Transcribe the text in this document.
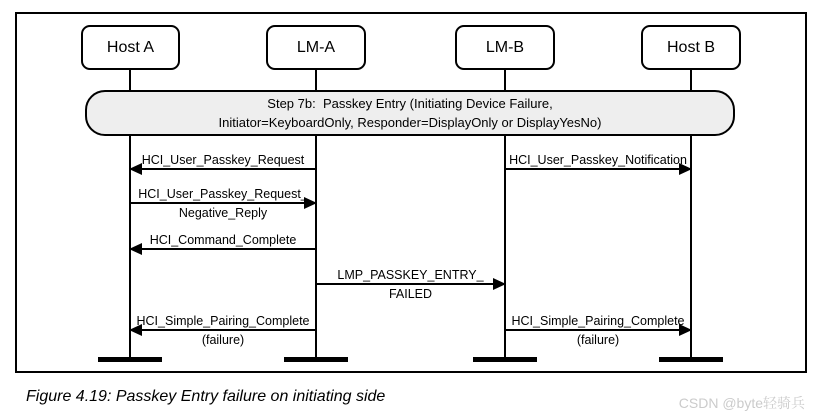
Host A	LM-A	LM-B	Host B
Step 7b:  Passkey Entry (Initiating Device Failure,
Initiator=KeyboardOnly, Responder=DisplayOnly or DisplayYesNo)
HCI_User_Passkey_Request	HCI_User_Passkey_Notification
HCI_User_Passkey_Request_
Negative_Reply
HCI_Command_Complete
LMP_PASSKEY_ENTRY_
FAILED
HCI_Simple_Pairing_Complete
(failure)
HCI_Simple_Pairing_Complete
(failure)
Figure 4.19: Passkey Entry failure on initiating side	CSDN @byte轻骑兵
